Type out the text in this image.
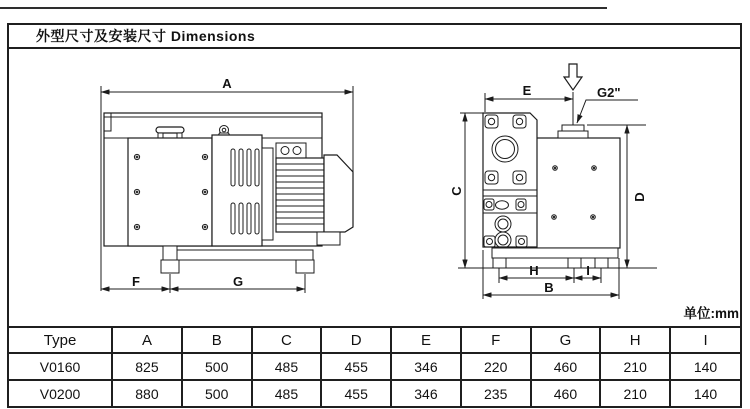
A
F	G
E	G2"
C
D
H	I
B
单位:mm
外型尺寸及安装尺寸 Dimensions
Type	A	B	C	D	E	F	G	H	I
V0160	825	500	485	455	346	220	460	210	140
V0200	880	500	485	455	346	235	460	210	140
